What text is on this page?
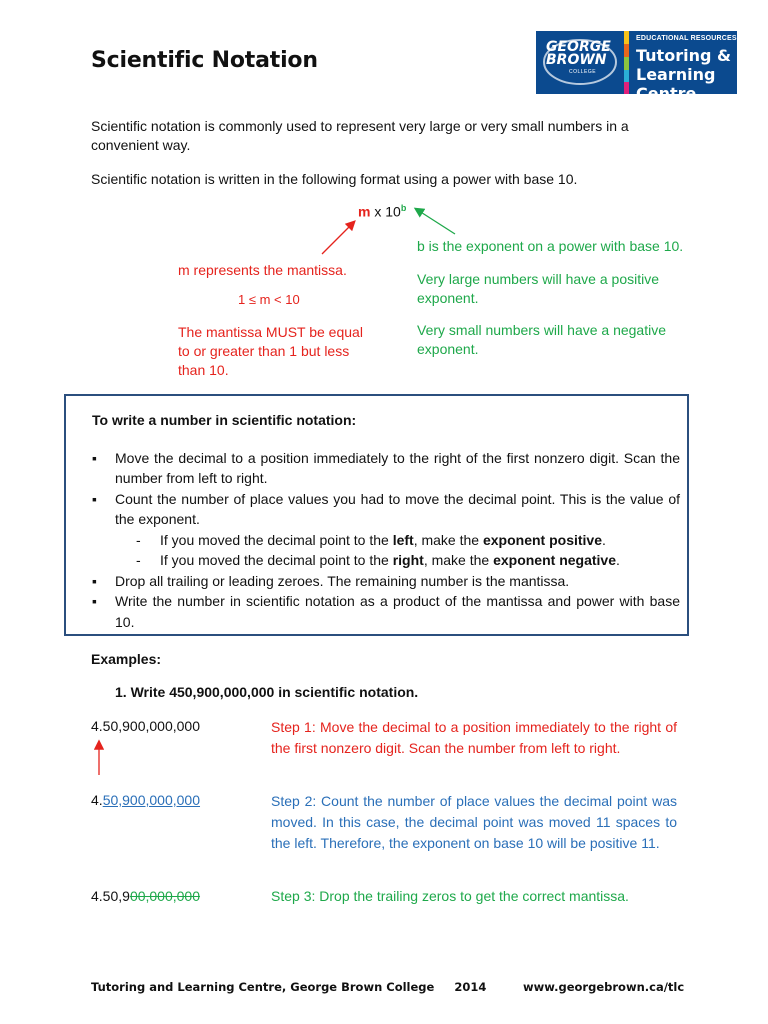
Scientific Notation
GEORGE
BROWN
COLLEGE
EDUCATIONAL RESOURCES
Tutoring &
Learning Centre
Scientific notation is commonly used to represent very large or very small numbers in a convenient way.
Scientific notation is written in the following format using a power with base 10.
m x 10$^b$
m represents the mantissa.
1 ≤ m < 10
The mantissa MUST be equal to or greater than 1 but less than 10.
b is the exponent on a power with base 10.
Very large numbers will have a positive exponent.
Very small numbers will have a negative exponent.
To write a number in scientific notation:
▪ Move the decimal to a position immediately to the right of the first nonzero digit. Scan the number from left to right.
▪ Count the number of place values you had to move the decimal point. This is the value of the exponent.
- If you moved the decimal point to the left, make the exponent positive.
- If you moved the decimal point to the right, make the exponent negative.
▪ Drop all trailing or leading zeroes. The remaining number is the mantissa.
▪ Write the number in scientific notation as a product of the mantissa and power with base 10.
Examples:
1. Write 450,900,000,000 in scientific notation.
4.50,900,000,000	Step 1: Move the decimal to a position immediately to the right of the first nonzero digit. Scan the number from left to right.
4.50,900,000,000	Step 2: Count the number of place values the decimal point was moved. In this case, the decimal point was moved 11 spaces to the left. Therefore, the exponent on base 10 will be positive 11.
4.50,900,000,000	Step 3: Drop the trailing zeros to get the correct mantissa.
Tutoring and Learning Centre, George Brown College     2014	www.georgebrown.ca/tlc
